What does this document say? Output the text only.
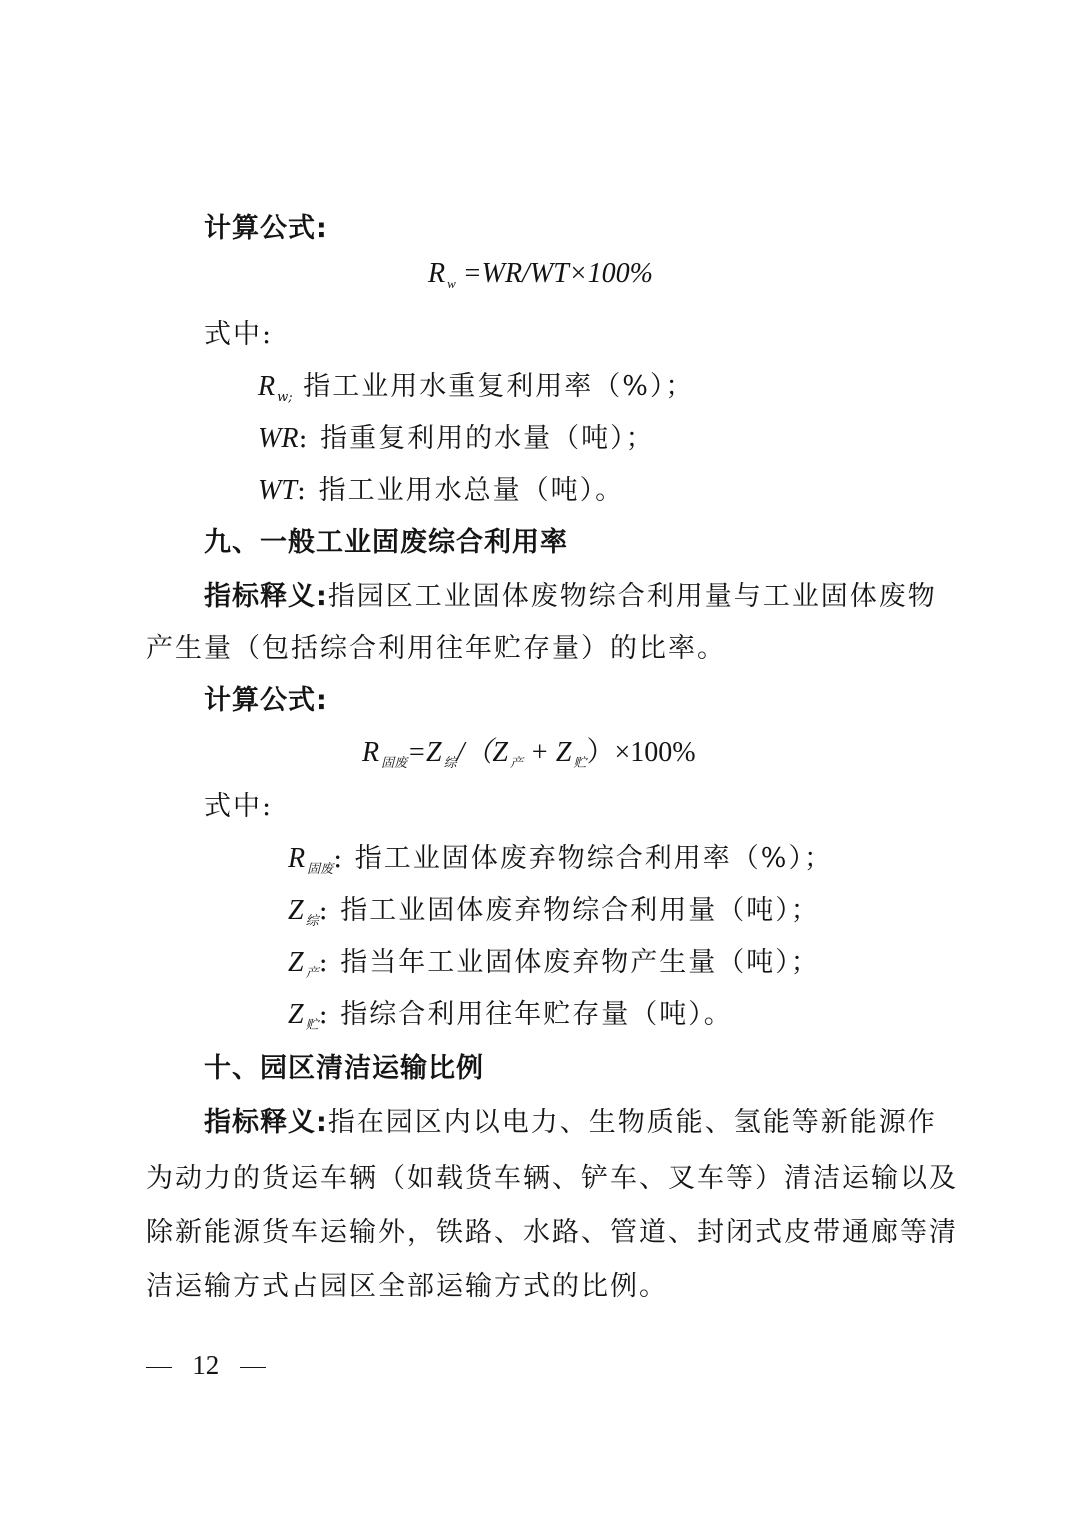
计算公式:
R $_w$ =WR/WT×100%
式中:
R $_{w;}$ 指工业用水重复利用率（%）；
WR: 指重复利用的水量（吨）；
WT: 指工业用水总量（吨）。
九、一般工业固废综合利用率
指标释义:指园区工业固体废物综合利用量与工业固体废物
产生量（包括综合利用往年贮存量）的比率。
计算公式:
R $_{固废}$=Z $_综$/（Z $_产$ + Z $_贮$）×100%
式中:
R $_{固废}$: 指工业固体废弃物综合利用率（%）；
Z $_综$: 指工业固体废弃物综合利用量（吨）；
Z $_产$: 指当年工业固体废弃物产生量（吨）；
Z $_贮$: 指综合利用往年贮存量（吨）。
十、园区清洁运输比例
指标释义:指在园区内以电力、生物质能、氢能等新能源作
为动力的货运车辆（如载货车辆、铲车、叉车等）清洁运输以及
除新能源货车运输外，铁路、水路、管道、封闭式皮带通廊等清
洁运输方式占园区全部运输方式的比例。
12
